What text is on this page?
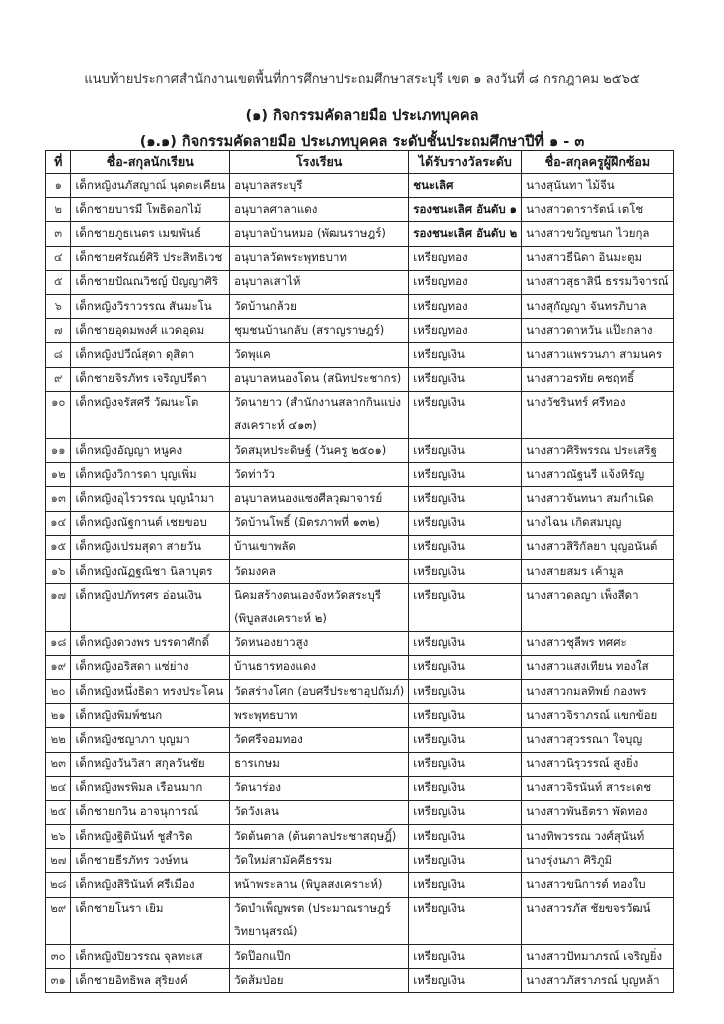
แนบท้ายประกาศสำนักงานเขตพื้นที่การศึกษาประถมศึกษาสระบุรี เขต ๑ ลงวันที่ ๘ กรกฎาคม ๒๕๖๕
(๑) กิจกรรมคัดลายมือ ประเภทบุคคล
(๑.๑) กิจกรรมคัดลายมือ ประเภทบุคคล ระดับชั้นประถมศึกษาปีที่ ๑ - ๓
ที่	ชื่อ-สกุลนักเรียน	โรงเรียน	ได้รับรางวัลระดับ	ชื่อ-สกุลครูผู้ฝึกซ้อม
๑	เด็กหญิงนภัสญาณ์ นุดตะเคียน	อนุบาลสระบุรี	ชนะเลิศ	นางสุนันทา ไม้จีน
๒	เด็กชายบารมี โพธิดอกไม้	อนุบาลศาลาแดง	รองชนะเลิศ อันดับ ๑	นางสาวดารารัตน์ เตโช
๓	เด็กชายภูธเนตร เมฆพันธ์	อนุบาลบ้านหมอ (พัฒนราษฎร์)	รองชนะเลิศ อันดับ ๒	นางสาวขวัญชนก ไวยกุล
๔	เด็กชายศรัณย์ศิริ ประสิทธิเวช	อนุบาลวัดพระพุทธบาท	เหรียญทอง	นางสาวธีนิดา อินมะตูม
๕	เด็กชายปัณณวิชญ์ ปัญญาศิริ	อนุบาลเสาไห้	เหรียญทอง	นางสาวสุธาสินี ธรรมวิจารณ์
๖	เด็กหญิงวิราวรรณ สันมะโน	วัดบ้านกล้วย	เหรียญทอง	นางสุกัญญา จันทรภิบาล
๗	เด็กชายอุดมพงศ์ แวดอุดม	ชุมชนบ้านกลับ (สราญราษฎร์)	เหรียญทอง	นางสาวดาหวัน แป๊ะกลาง
๘	เด็กหญิงปวีณ์สุดา ดุสิตา	วัดพุแค	เหรียญเงิน	นางสาวแพรวนภา สามนคร
๙	เด็กชายจิรภัทร เจริญปรีดา	อนุบาลหนองโดน (สนิทประชากร)	เหรียญเงิน	นางสาวอรทัย คชฤทธิ์
๑๐	เด็กหญิงจรัสศรี วัฒนะโต	วัดนายาว (สำนักงานสลากกินแบ่ง	เหรียญเงิน	นางวัชรินทร์ ศรีทอง
		สงเคราะห์ ๔๑๓)		
๑๑	เด็กหญิงอัญญา หนูคง	วัดสมุหประดิษฐ์ (วันครู ๒๕๐๑)	เหรียญเงิน	นางสาวศิริพรรณ ประเสริฐ
๑๒	เด็กหญิงวิการดา บุญเพิ่ม	วัดท่าวัว	เหรียญเงิน	นางสาวณัฐนรี แจ้งหิรัญ
๑๓	เด็กหญิงอุไรวรรณ บุญนำมา	อนุบาลหนองแซงศีลวุฒาจารย์	เหรียญเงิน	นางสาวจันทนา สมกำเนิด
๑๔	เด็กหญิงณัฐกานต์ เชยขอบ	วัดบ้านโพธิ์ (มิตรภาพที่ ๑๓๒)	เหรียญเงิน	นางไฉน เกิดสมบุญ
๑๕	เด็กหญิงเปรมสุดา สายวัน	บ้านเขาพลัด	เหรียญเงิน	นางสาวสิริกัลยา บุญอนันต์
๑๖	เด็กหญิงณัฏฐณิชา นิลาบุตร	วัดมงคล	เหรียญเงิน	นางสายสมร เค้ามูล
๑๗	เด็กหญิงปภัทรศร อ่อนเงิน	นิคมสร้างตนเองจังหวัดสระบุรี	เหรียญเงิน	นางสาวดลญา เพ็งสีดา
		(พิบูลสงเคราะห์ ๒)		
๑๘	เด็กหญิงดวงพร บรรดาศักดิ์	วัดหนองยาวสูง	เหรียญเงิน	นางสาวชุลีพร ทศศะ
๑๙	เด็กหญิงอริสดา แซ่ย่าง	บ้านธารทองแดง	เหรียญเงิน	นางสาวแสงเทียน ทองใส
๒๐	เด็กหญิงหนึ่งธิดา ทรงประโคน	วัดสร่างโศก (อบศรีประชาอุปถัมภ์)	เหรียญเงิน	นางสาวกมลทิพย์ กองพร
๒๑	เด็กหญิงพิมพ์ชนก	พระพุทธบาท	เหรียญเงิน	นางสาวจิราภรณ์ แขกข้อย
๒๒	เด็กหญิงชญาภา บุญมา	วัดศรีจอมทอง	เหรียญเงิน	นางสาวสุวรรณา ใจบุญ
๒๓	เด็กหญิงวันวิสา สกุลวันชัย	ธารเกษม	เหรียญเงิน	นางสาวนิรุวรรณ์ สูงยิ่ง
๒๔	เด็กหญิงพรพิมล เรือนมาก	วัดนาร่อง	เหรียญเงิน	นางสาวจิรนันท์ สาระเดช
๒๕	เด็กชายกวิน อาจนุการณ์	วัดวังเลน	เหรียญเงิน	นางสาวพันธิตรา พัดทอง
๒๖	เด็กหญิงฐิตินันท์ ชูสำริด	วัดต้นตาล (ต้นตาลประชาสฤษฎิ์)	เหรียญเงิน	นางทิพวรรณ วงศ์สุนันท์
๒๗	เด็กชายธีรภัทร วงษ์ทน	วัดใหม่สามัคคีธรรม	เหรียญเงิน	นางรุ่งนภา ศิริภูมิ
๒๘	เด็กหญิงสิรินันท์ ศรีเมือง	หน้าพระลาน (พิบูลสงเคราะห์)	เหรียญเงิน	นางสาวขนิการต์ ทองใบ
๒๙	เด็กชายโนรา เยิม	วัดบำเพ็ญพรต (ประมาณราษฎร์	เหรียญเงิน	นางสาวรภัส ชัยขจรวัฒน์
		วิทยานุสรณ์)		
๓๐	เด็กหญิงปิยวรรณ จุลทะเส	วัดป๊อกแป๊ก	เหรียญเงิน	นางสาวปัทมาภรณ์ เจริญยิ่ง
๓๑	เด็กชายอิทธิพล สุริยงค์	วัดส้มป่อย	เหรียญเงิน	นางสาวภัสราภรณ์ บุญหล้า
